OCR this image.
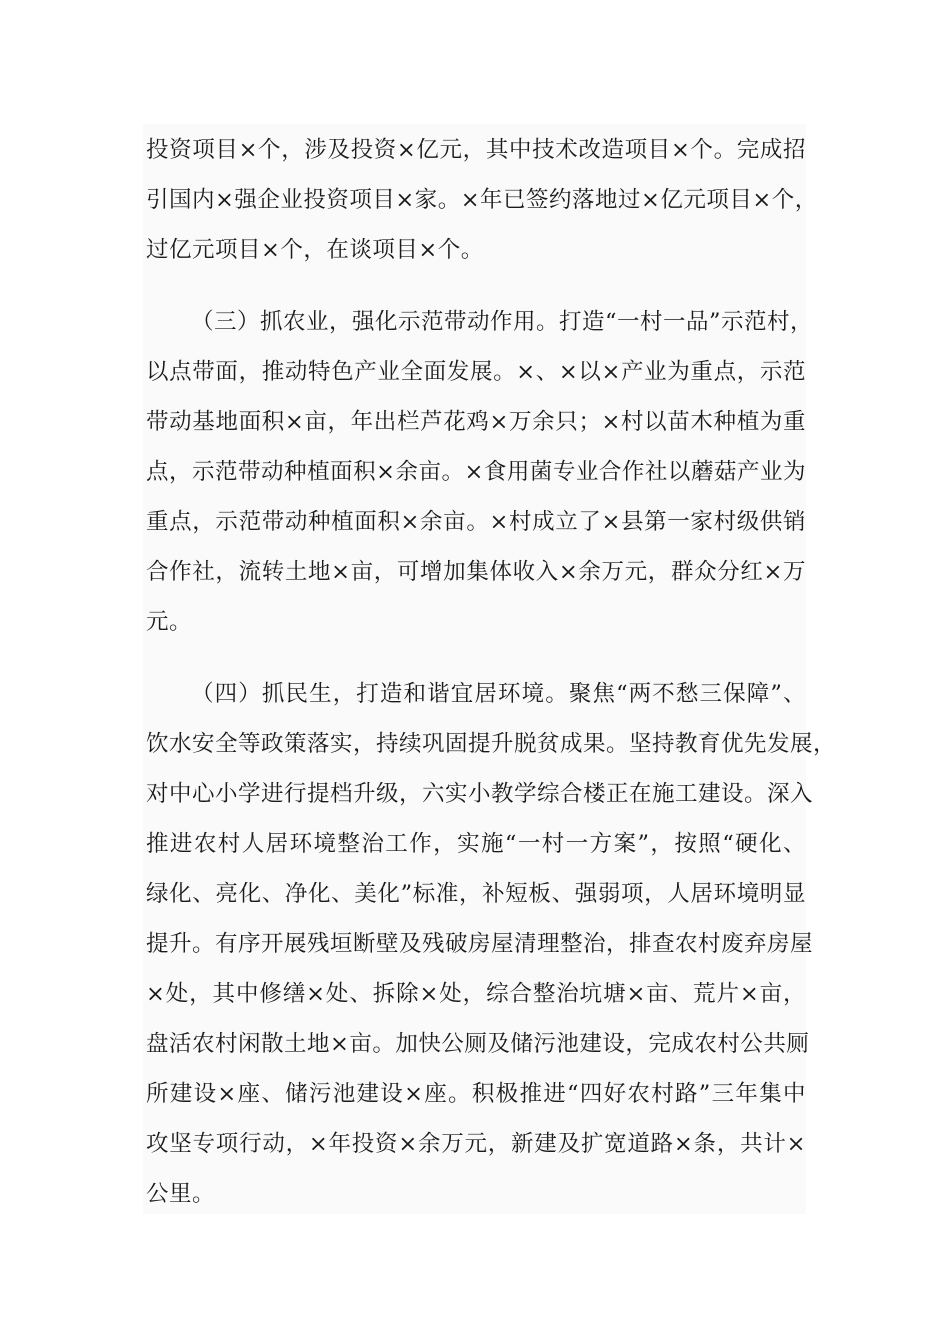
投资项目×个，涉及投资×亿元，其中技术改造项目×个。完成招

引国内×强企业投资项目×家。×年已签约落地过×亿元项目×个，

过亿元项目×个，在谈项目×个。

（三）抓农业，强化示范带动作用。打造“一村一品”示范村，

以点带面，推动特色产业全面发展。×、×以×产业为重点，示范

带动基地面积×亩，年出栏芦花鸡×万余只；×村以苗木种植为重

点，示范带动种植面积×余亩。×食用菌专业合作社以蘑菇产业为

重点，示范带动种植面积×余亩。×村成立了×县第一家村级供销

合作社，流转土地×亩，可增加集体收入×余万元，群众分红×万

元。

（四）抓民生，打造和谐宜居环境。聚焦“两不愁三保障”、

饮水安全等政策落实，持续巩固提升脱贫成果。坚持教育优先发展，

对中心小学进行提档升级，六实小教学综合楼正在施工建设。深入

推进农村人居环境整治工作，实施“一村一方案”，按照“硬化、

绿化、亮化、净化、美化”标准，补短板、强弱项，人居环境明显

提升。有序开展残垣断壁及残破房屋清理整治，排查农村废弃房屋

×处，其中修缮×处、拆除×处，综合整治坑塘×亩、荒片×亩，

盘活农村闲散土地×亩。加快公厕及储污池建设，完成农村公共厕

所建设×座、储污池建设×座。积极推进“四好农村路”三年集中

攻坚专项行动，×年投资×余万元，新建及扩宽道路×条，共计×

公里。
